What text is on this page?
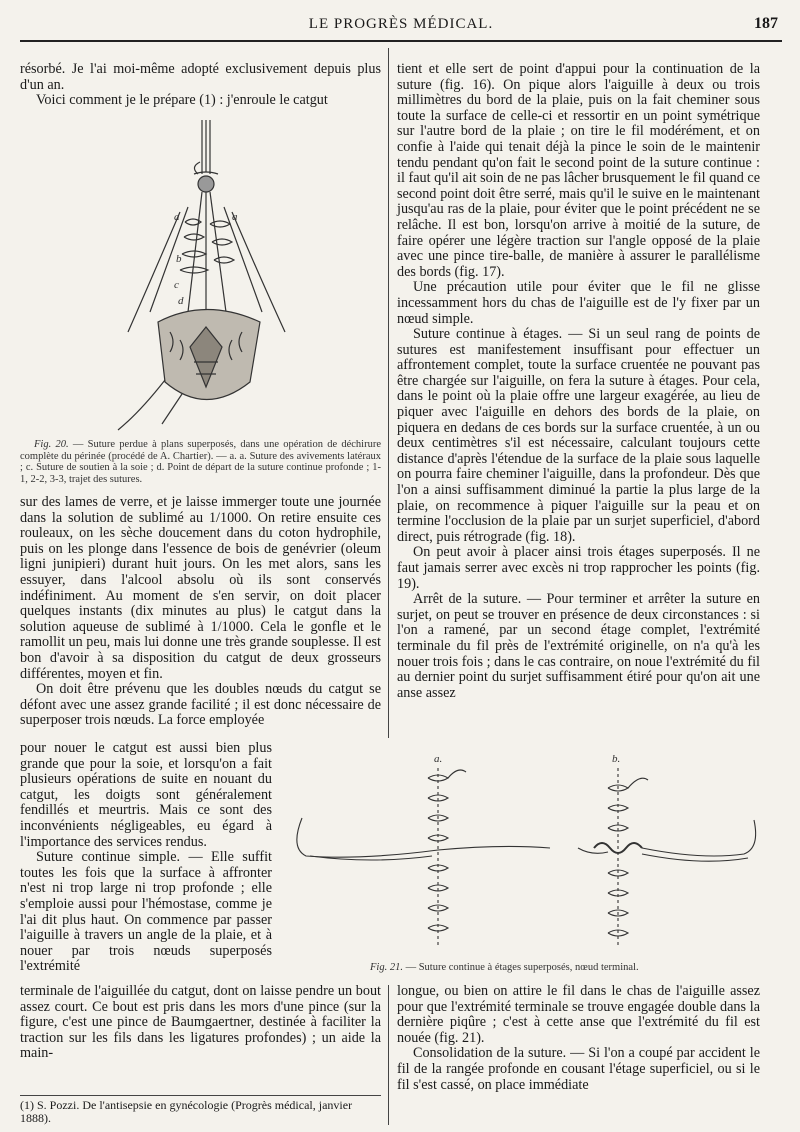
LE PROGRÈS MÉDICAL.	187

résorbé. Je l'ai moi-même adopté exclusivement depuis plus d'un an.

Voici comment je le prépare (1) : j'enroule le catgut

a	a
b
c
d
Fig. 20. — Suture perdue à plans superposés, dans une opération de déchirure complète du périnée (procédé de A. Chartier). — a. a. Suture des avivements latéraux ; c. Suture de soutien à la soie ; d. Point de départ de la suture continue profonde ; 1-1, 2-2, 3-3, trajet des sutures.

sur des lames de verre, et je laisse immerger toute une journée dans la solution de sublimé au 1/1000. On retire ensuite ces rouleaux, on les sèche doucement dans du coton hydrophile, puis on les plonge dans l'essence de bois de genévrier (oleum ligni junipieri) durant huit jours. On les met alors, sans les essuyer, dans l'alcool absolu où ils sont conservés indéfiniment. Au moment de s'en servir, on doit placer quelques instants (dix minutes au plus) le catgut dans la solution aqueuse de sublimé à 1/1000. Cela le gonfle et le ramollit un peu, mais lui donne une très grande souplesse. Il est bon d'avoir à sa disposition du catgut de deux grosseurs différentes, moyen et fin.

On doit être prévenu que les doubles nœuds du catgut se défont avec une assez grande facilité ; il est donc nécessaire de superposer trois nœuds. La force employée

pour nouer le catgut est aussi bien plus grande que pour la soie, et lorsqu'on a fait plusieurs opérations de suite en nouant du catgut, les doigts sont généralement fendillés et meurtris. Mais ce sont des inconvénients négligeables, eu égard à l'importance des services rendus.

Suture continue simple. — Elle suffit toutes les fois que la surface à affronter n'est ni trop large ni trop profonde ; elle s'emploie aussi pour l'hémostase, comme je l'ai dit plus haut. On commence par passer l'aiguille à travers un angle de la plaie, et à nouer par trois nœuds superposés l'extrémité

a.	b.
Fig. 21. — Suture continue à étages superposés, nœud terminal.

terminale de l'aiguillée du catgut, dont on laisse pendre un bout assez court. Ce bout est pris dans les mors d'une pince (sur la figure, c'est une pince de Baumgaertner, destinée à faciliter la traction sur les fils dans les ligatures profondes) ; un aide la main-

(1) S. Pozzi. De l'antisepsie en gynécologie (Progrès médical, janvier 1888).

tient et elle sert de point d'appui pour la continuation de la suture (fig. 16). On pique alors l'aiguille à deux ou trois millimètres du bord de la plaie, puis on la fait cheminer sous toute la surface de celle-ci et ressortir en un point symétrique sur l'autre bord de la plaie ; on tire le fil modérément, et on confie à l'aide qui tenait déjà la pince le soin de le maintenir tendu pendant qu'on fait le second point de la suture continue : il faut qu'il ait soin de ne pas lâcher brusquement le fil quand ce second point doit être serré, mais qu'il le suive en le maintenant jusqu'au ras de la plaie, pour éviter que le point précédent ne se relâche. Il est bon, lorsqu'on arrive à moitié de la suture, de faire opérer une légère traction sur l'angle opposé de la plaie avec une pince tire-balle, de manière à assurer le parallélisme des bords (fig. 17).

Une précaution utile pour éviter que le fil ne glisse incessamment hors du chas de l'aiguille est de l'y fixer par un nœud simple.

Suture continue à étages. — Si un seul rang de points de sutures est manifestement insuffisant pour effectuer un affrontement complet, toute la surface cruentée ne pouvant pas être chargée sur l'aiguille, on fera la suture à étages. Pour cela, dans le point où la plaie offre une largeur exagérée, au lieu de piquer avec l'aiguille en dehors des bords de la plaie, on piquera en dedans de ces bords sur la surface cruentée, à un ou deux centimètres s'il est nécessaire, calculant toujours cette distance d'après l'étendue de la surface de la plaie sous laquelle on pourra faire cheminer l'aiguille, dans la profondeur. Dès que l'on a ainsi suffisamment diminué la partie la plus large de la plaie, on recommence à piquer l'aiguille sur la peau et on termine l'occlusion de la plaie par un surjet superficiel, d'abord direct, puis rétrograde (fig. 18).

On peut avoir à placer ainsi trois étages superposés. Il ne faut jamais serrer avec excès ni trop rapprocher les points (fig. 19).

Arrêt de la suture. — Pour terminer et arrêter la suture en surjet, on peut se trouver en présence de deux circonstances : si l'on a ramené, par un second étage complet, l'extrémité terminale du fil près de l'extrémité originelle, on n'a qu'à les nouer trois fois ; dans le cas contraire, on noue l'extrémité du fil au dernier point du surjet suffisamment étiré pour qu'on ait une anse assez

longue, ou bien on attire le fil dans le chas de l'aiguille assez pour que l'extrémité terminale se trouve engagée double dans la dernière piqûre ; c'est à cette anse que l'extrémité du fil est nouée (fig. 21).

Consolidation de la suture. — Si l'on a coupé par accident le fil de la rangée profonde en cousant l'étage superficiel, ou si le fil s'est cassé, on place immédiate
